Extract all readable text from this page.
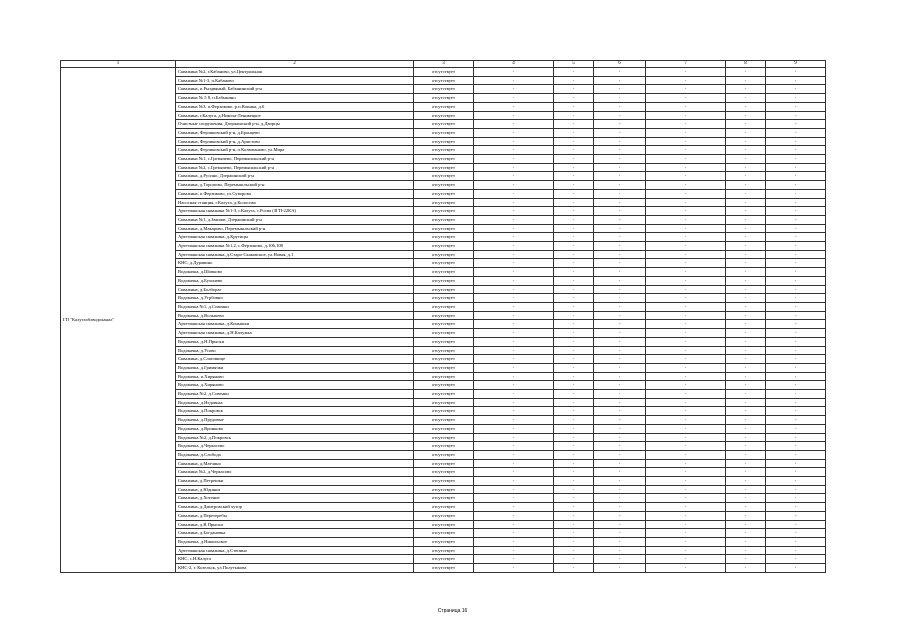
1	2	3	4	5	6	7	8	9
ГП "Калугаоблводоканал"	Скважина №2, г.Кабаново, ул.Центральная	отсутствует	-	-	-	-	-	-
	Скважина №1-3, п.Кабаново	отсутствует	-	-	-	-	-	-
	Скважина, п.Рыздвяный, Бабынинский р-н	отсутствует	-	-	-	-	-	-
	Скважина № 5 8, п.Бабынино	отсутствует	-	-	-	-	-	-
	Скважина №3, п.Ферзиково, р.п.Воинка, д.6	отсутствует	-	-	-	-	-	-
	Скважина, г.Калуга, д.Никола-Ленивецкое	отсутствует	-	-	-	-	-	-
	Очистные сооружения, Дзержинский р-н, д.Дворцы	отсутствует	-	-	-	-	-	-
	Скважина, Ферзиковский р-н, д.Бронцево	отсутствует	-	-	-	-	-	-
	Скважина, Ферзиковский р-н, д.Аристово	отсутствует	-	-	-	-	-	-
	Скважина, Ферзиковский р-н, п.Колюпаново, ул.Мира	отсутствует	-	-	-	-	-	-
	Скважина №1, с.Гремячево, Перемышльский р-н	отсутствует	-	-	-	-	-	-
	Скважина №2, с.Гремячево, Перемышльский р-н	отсутствует	-	-	-	-	-	-
	Скважина, д.Русино, Дзержинский р-н	отсутствует	-	-	-	-	-	-
	Скважина, д.Торопово, Перемышльский р-н	отсутствует	-	-	-	-	-	-
	Скважина, п.Ферзиково, ул.Суворова	отсутствует	-	-	-	-	-	-
	Насосная станция, г.Калуга, д.Колосово	отсутствует	-	-	-	-	-	-
	Артезианская скважина №1-3, г.Калуга, с.Росва (ЗГП-22КА)	отсутствует	-	-	-	-	-	-
	Скважина №1, д.Звизжи, Дзержинский р-н	отсутствует	-	-	-	-	-	-
	Скважина, д.Макарово, Перемышльский р-н	отсутствует	-	-	-	-	-	-
	Артезианская скважина, д.Крутицы	отсутствует	-	-	-	-	-	-
	Артезианская скважина №1,2, с.Ферзиково, д.106,108	отсутствует	-	-	-	-	-	-
	Артезианская скважина, д.Старо-Скаковское, ул.Новая, д.1	отсутствует	-	-	-	-	-	-
	КНС, д.Дуравино	отсутствует	-	-	-	-	-	-
	Водокачка, д.Шовково	отсутствует	-	-	-	-	-	-
	Водокачка, д.Бухонево	отсутствует	-	-	-	-	-	-
	Скважина, д.Болбораг	отсутствует	-	-	-	-	-	-
	Водокачка, д.Угрбовно	отсутствует	-	-	-	-	-	-
	Водокачка №1, д.Совенки	отсутствует	-	-	-	-	-	-
	Водокачка, д.Вольшево	отсутствует	-	-	-	-	-	-
	Артезианская скважина, д.Конышки	отсутствует	-	-	-	-	-	-
	Артезианская скважина, д.Н.Калужка	отсутствует	-	-	-	-	-	-
	Водокачка, д.Н.Прыски	отсутствует	-	-	-	-	-	-
	Водокачка, д.Усово	отсутствует	-	-	-	-	-	-
	Скважина, д.Слаговище	отсутствует	-	-	-	-	-	-
	Водокачка, д.Гримячки	отсутствует	-	-	-	-	-	-
	Водокачка, п.Хиряново	отсутствует	-	-	-	-	-	-
	Водокачка, д.Хиряново	отсутствует	-	-	-	-	-	-
	Водокачка №2, д.Совенки	отсутствует	-	-	-	-	-	-
	Водокачка, д.Недовька	отсутствует	-	-	-	-	-	-
	Водокачка, д.Покровск	отсутствует	-	-	-	-	-	-
	Водокачка, д.Прудовые	отсутствует	-	-	-	-	-	-
	Водокачка, д.Вронково	отсутствует	-	-	-	-	-	-
	Водокачка №2, д.Покровск	отсутствует	-	-	-	-	-	-
	Водокачка, д.Черкасово	отсутствует	-	-	-	-	-	-
	Водокачка, д.Слобода	отсутствует	-	-	-	-	-	-
	Скважина, д.Матчино	отсутствует	-	-	-	-	-	-
	Скважина №2, д.Черкасово	отсутствует	-	-	-	-	-	-
	Скважина, д.Петрешки	отсутствует	-	-	-	-	-	-
	Скважина, д.Юдинки	отсутствует	-	-	-	-	-	-
	Скважина, д.Хотение	отсутствует	-	-	-	-	-	-
	Скважина, д.Дмитровский хутор	отсутствует	-	-	-	-	-	-
	Скважина, д.Перетеребы	отсутствует	-	-	-	-	-	-
	Скважина, д.В.Прыски	отсутствует	-	-	-	-	-	-
	Скважина, д.Богдановка	отсутствует	-	-	-	-	-	-
	Водокачка, д.Никольское	отсутствует	-	-	-	-	-	-
	Артезианская скважина, д.Степино	отсутствует	-	-	-	-	-	-
	КНС, с.Н.Калуга	отсутствует	-	-	-	-	-	-
	КНС-2, г. Козельск, ул.Полутыкова	отсутствует	-	-	-	-	-	-
Страница 16
